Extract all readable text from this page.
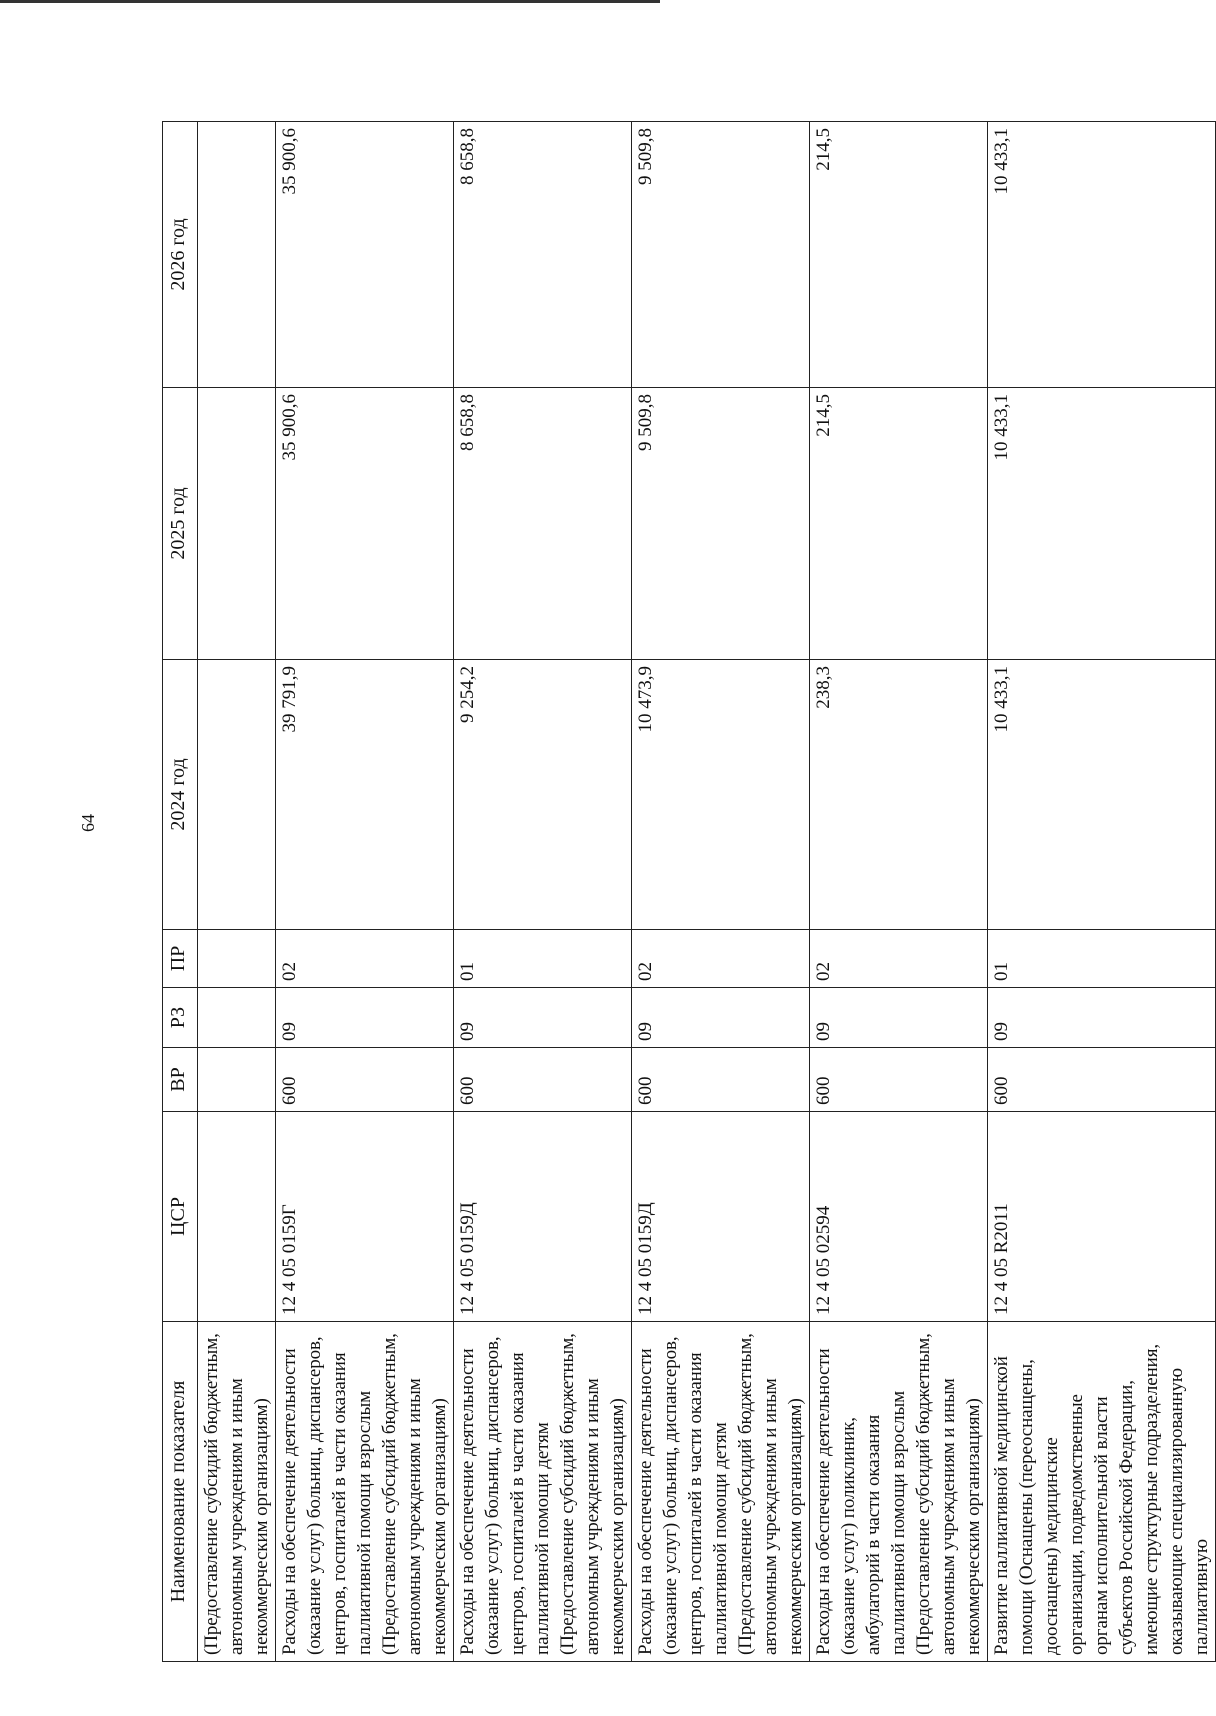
64
Наименование показателя	ЦСР	ВР	РЗ	ПР	2024 год	2025 год	2026 год
(Предоставление субсидий бюджетным, автономным учреждениям и иным некоммерческим организациям)							
Расходы на обеспечение деятельности (оказание услуг) больниц, диспансеров, центров, госпиталей в части оказания паллиативной помощи взрослым (Предоставление субсидий бюджетным, автономным учреждениям и иным некоммерческим организациям)	12 4 05 0159Г	600	09	02	39 791,9	35 900,6	35 900,6
Расходы на обеспечение деятельности (оказание услуг) больниц, диспансеров, центров, госпиталей в части оказания паллиативной помощи детям (Предоставление субсидий бюджетным, автономным учреждениям и иным некоммерческим организациям)	12 4 05 0159Д	600	09	01	9 254,2	8 658,8	8 658,8
Расходы на обеспечение деятельности (оказание услуг) больниц, диспансеров, центров, госпиталей в части оказания паллиативной помощи детям (Предоставление субсидий бюджетным, автономным учреждениям и иным некоммерческим организациям)	12 4 05 0159Д	600	09	02	10 473,9	9 509,8	9 509,8
Расходы на обеспечение деятельности (оказание услуг) поликлиник, амбулаторий в части оказания паллиативной помощи взрослым (Предоставление субсидий бюджетным, автономным учреждениям и иным некоммерческим организациям)	12 4 05 02594	600	09	02	238,3	214,5	214,5
Развитие паллиативной медицинской помощи (Оснащены (переоснащены, дооснащены) медицинские организации, подведомственные органам исполнительной власти субъектов Российской Федерации, имеющие структурные подразделения, оказывающие специализированную паллиативную	12 4 05 R2011	600	09	01	10 433,1	10 433,1	10 433,1
